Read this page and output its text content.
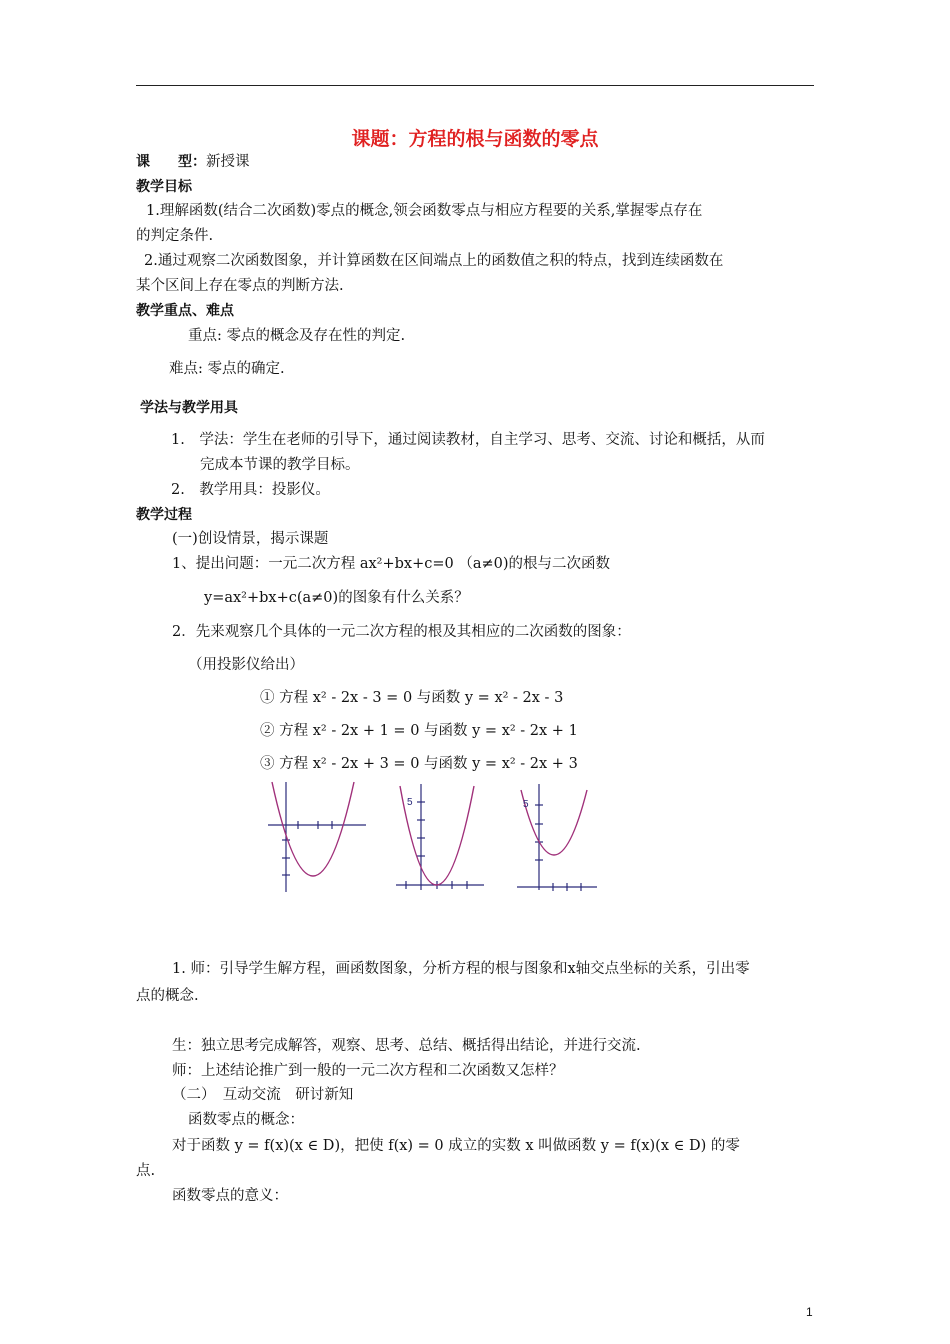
课题：方程的根与函数的零点
课　　型：新授课
教学目标
1.理解函数(结合二次函数)零点的概念,领会函数零点与相应方程要的关系,掌握零点存在
的判定条件.
2.通过观察二次函数图象，并计算函数在区间端点上的函数值之积的特点，找到连续函数在
某个区间上存在零点的判断方法.
教学重点、难点
重点: 零点的概念及存在性的判定.
难点: 零点的确定.
学法与教学用具
1.　学法：学生在老师的引导下，通过阅读教材，自主学习、思考、交流、讨论和概括，从而
完成本节课的教学目标。
2.　教学用具：投影仪。
教学过程
(一)创设情景，揭示课题
1、提出问题：一元二次方程 ax²+bx+c=0 （a≠0)的根与二次函数
y=ax²+bx+c(a≠0)的图象有什么关系？
2．先来观察几个具体的一元二次方程的根及其相应的二次函数的图象：
（用投影仪给出）
① 方程 x² - 2x - 3 = 0 与函数 y = x² - 2x - 3
② 方程 x² - 2x + 1 = 0 与函数 y = x² - 2x + 1
③ 方程 x² - 2x + 3 = 0 与函数 y = x² - 2x + 3
5	5
1. 师：引导学生解方程，画函数图象，分析方程的根与图象和x轴交点坐标的关系，引出零
点的概念.
生：独立思考完成解答，观察、思考、总结、概括得出结论，并进行交流.
师：上述结论推广到一般的一元二次方程和二次函数又怎样？
（二）　互动交流　研讨新知
函数零点的概念：
对于函数 y = f(x)(x ∈ D)，把使 f(x) = 0 成立的实数 x 叫做函数 y = f(x)(x ∈ D) 的零
点.
函数零点的意义：
1
